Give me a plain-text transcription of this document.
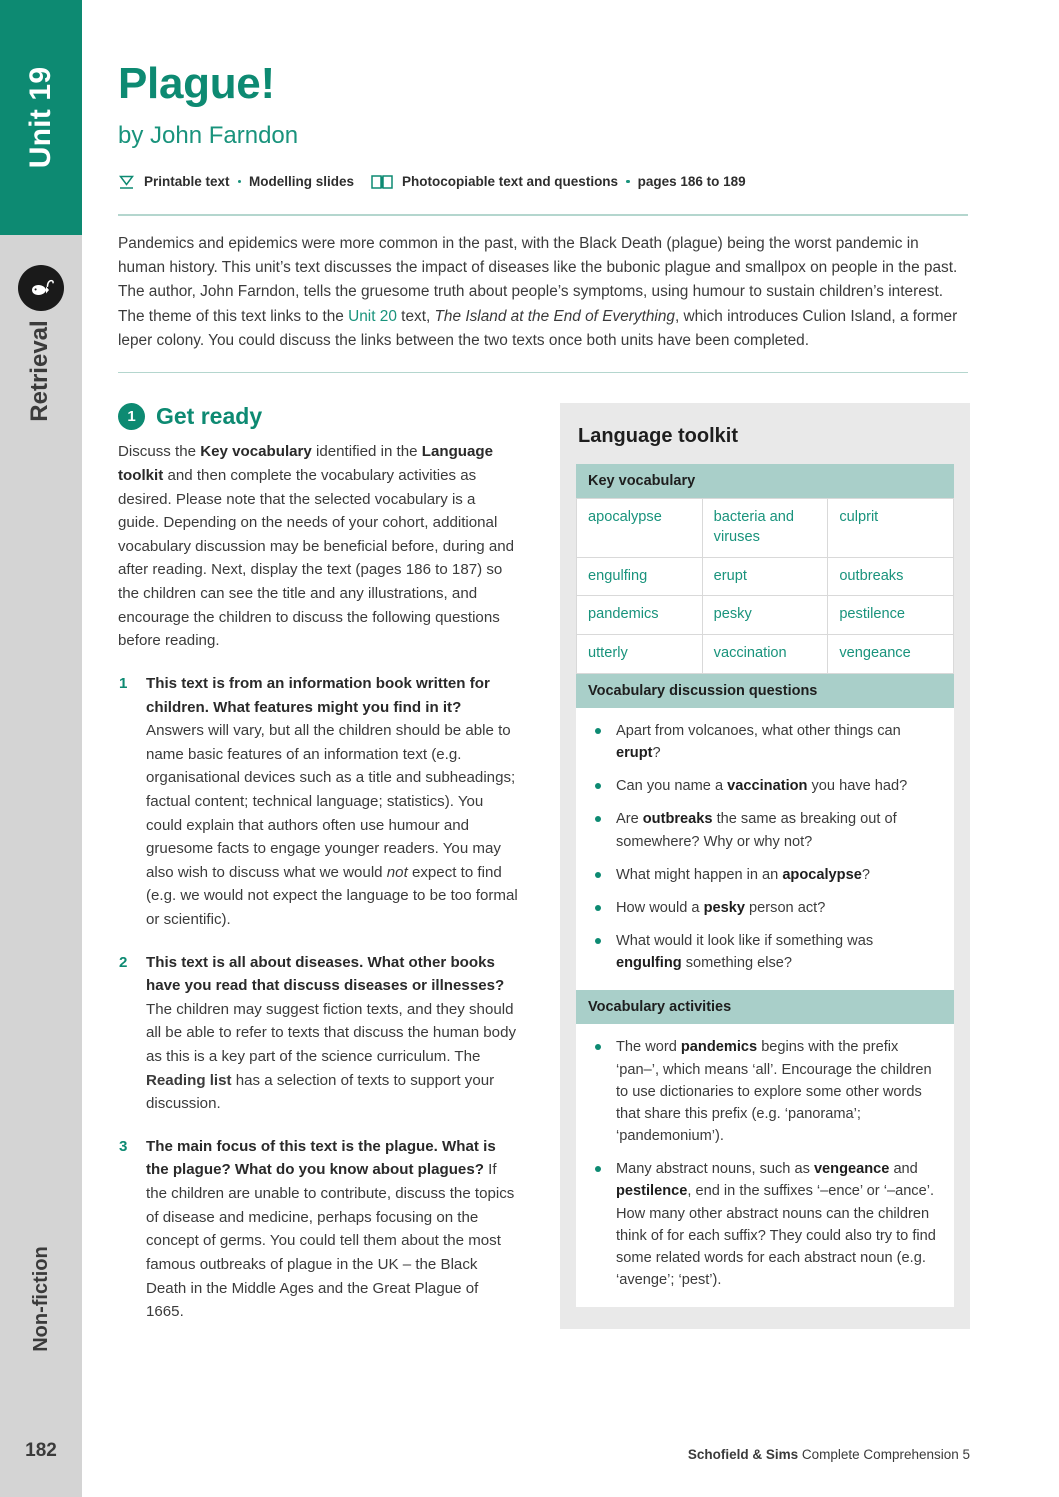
Unit 19
Retrieval
Non-fiction
182
Plague!
by John Farndon
Printable text Modelling slides	Photocopiable text and questions pages 186 to 189

Pandemics and epidemics were more common in the past, with the Black Death (plague) being the worst pandemic in human history. This unit’s text discusses the impact of diseases like the bubonic plague and smallpox on people in the past. The author, John Farndon, tells the gruesome truth about people’s symptoms, using humour to sustain children’s interest. The theme of this text links to the Unit 20 text, The Island at the End of Everything, which introduces Culion Island, a former leper colony. You could discuss the links between the two texts once both units have been completed.

1 Get ready

Discuss the Key vocabulary identified in the Language toolkit and then complete the vocabulary activities as desired. Please note that the selected vocabulary is a guide. Depending on the needs of your cohort, additional vocabulary discussion may be beneficial before, during and after reading. Next, display the text (pages 186 to 187) so the children can see the title and any illustrations, and encourage the children to discuss the following questions before reading.

1 This text is from an information book written for children. What features might you find in it? Answers will vary, but all the children should be able to name basic features of an information text (e.g. organisational devices such as a title and subheadings; factual content; technical language; statistics). You could explain that authors often use humour and gruesome facts to engage younger readers. You may also wish to discuss what we would not expect to find (e.g. we would not expect the language to be too formal or scientific).
2 This text is all about diseases. What other books have you read that discuss diseases or illnesses? The children may suggest fiction texts, and they should all be able to refer to texts that discuss the human body as this is a key part of the science curriculum. The Reading list has a selection of texts to support your discussion.
3 The main focus of this text is the plague. What is the plague? What do you know about plagues? If the children are unable to contribute, discuss the topics of disease and medicine, perhaps focusing on the concept of germs. You could tell them about the most famous outbreaks of plague in the UK – the Black Death in the Middle Ages and the Great Plague of 1665.
Language toolkit
Key vocabulary
apocalypse	bacteria and viruses	culprit
engulfing	erupt	outbreaks
pandemics	pesky	pestilence
utterly	vaccination	vengeance
Vocabulary discussion questions
Apart from volcanoes, what other things can erupt?
Can you name a vaccination you have had?
Are outbreaks the same as breaking out of somewhere? Why or why not?
What might happen in an apocalypse?
How would a pesky person act?
What would it look like if something was engulfing something else?
Vocabulary activities
The word pandemics begins with the prefix ‘pan–’, which means ‘all’. Encourage the children to use dictionaries to explore some other words that share this prefix (e.g. ‘panorama’; ‘pandemonium’).
Many abstract nouns, such as vengeance and pestilence, end in the suffixes ‘–ence’ or ‘–ance’. How many other abstract nouns can the children think of for each suffix? They could also try to find some related words for each abstract noun (e.g. ‘avenge’; ‘pest’).
Schofield & Sims Complete Comprehension 5
